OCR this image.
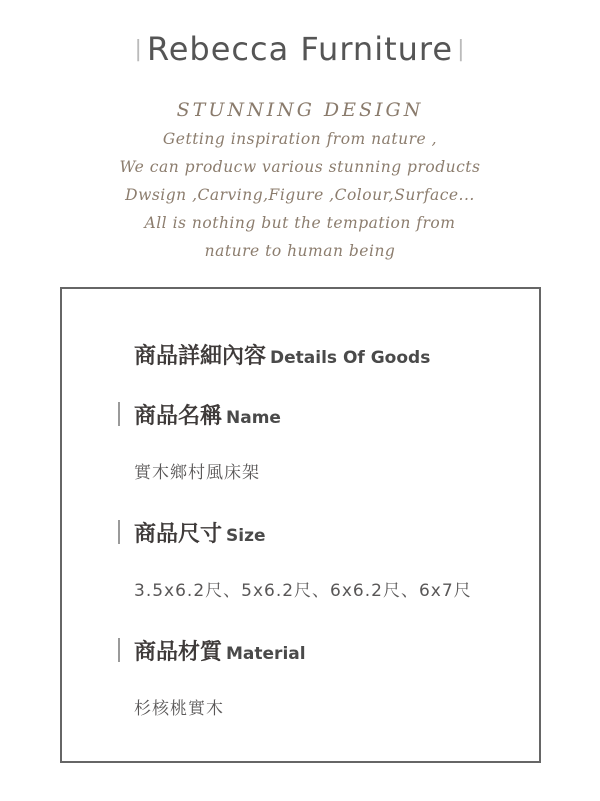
| Rebecca Furniture |
STUNNING DESIGN
Getting inspiration from nature ,
We can producw various stunning products
Dwsign ,Carving,Figure ,Colour,Surface...
All is nothing but the tempation from
nature to human being
商品詳細內容 Details Of Goods
商品名稱 Name
實木鄉村風床架
商品尺寸 Size
3.5x6.2尺、5x6.2尺、6x6.2尺、6x7尺
商品材質 Material
杉核桃實木
